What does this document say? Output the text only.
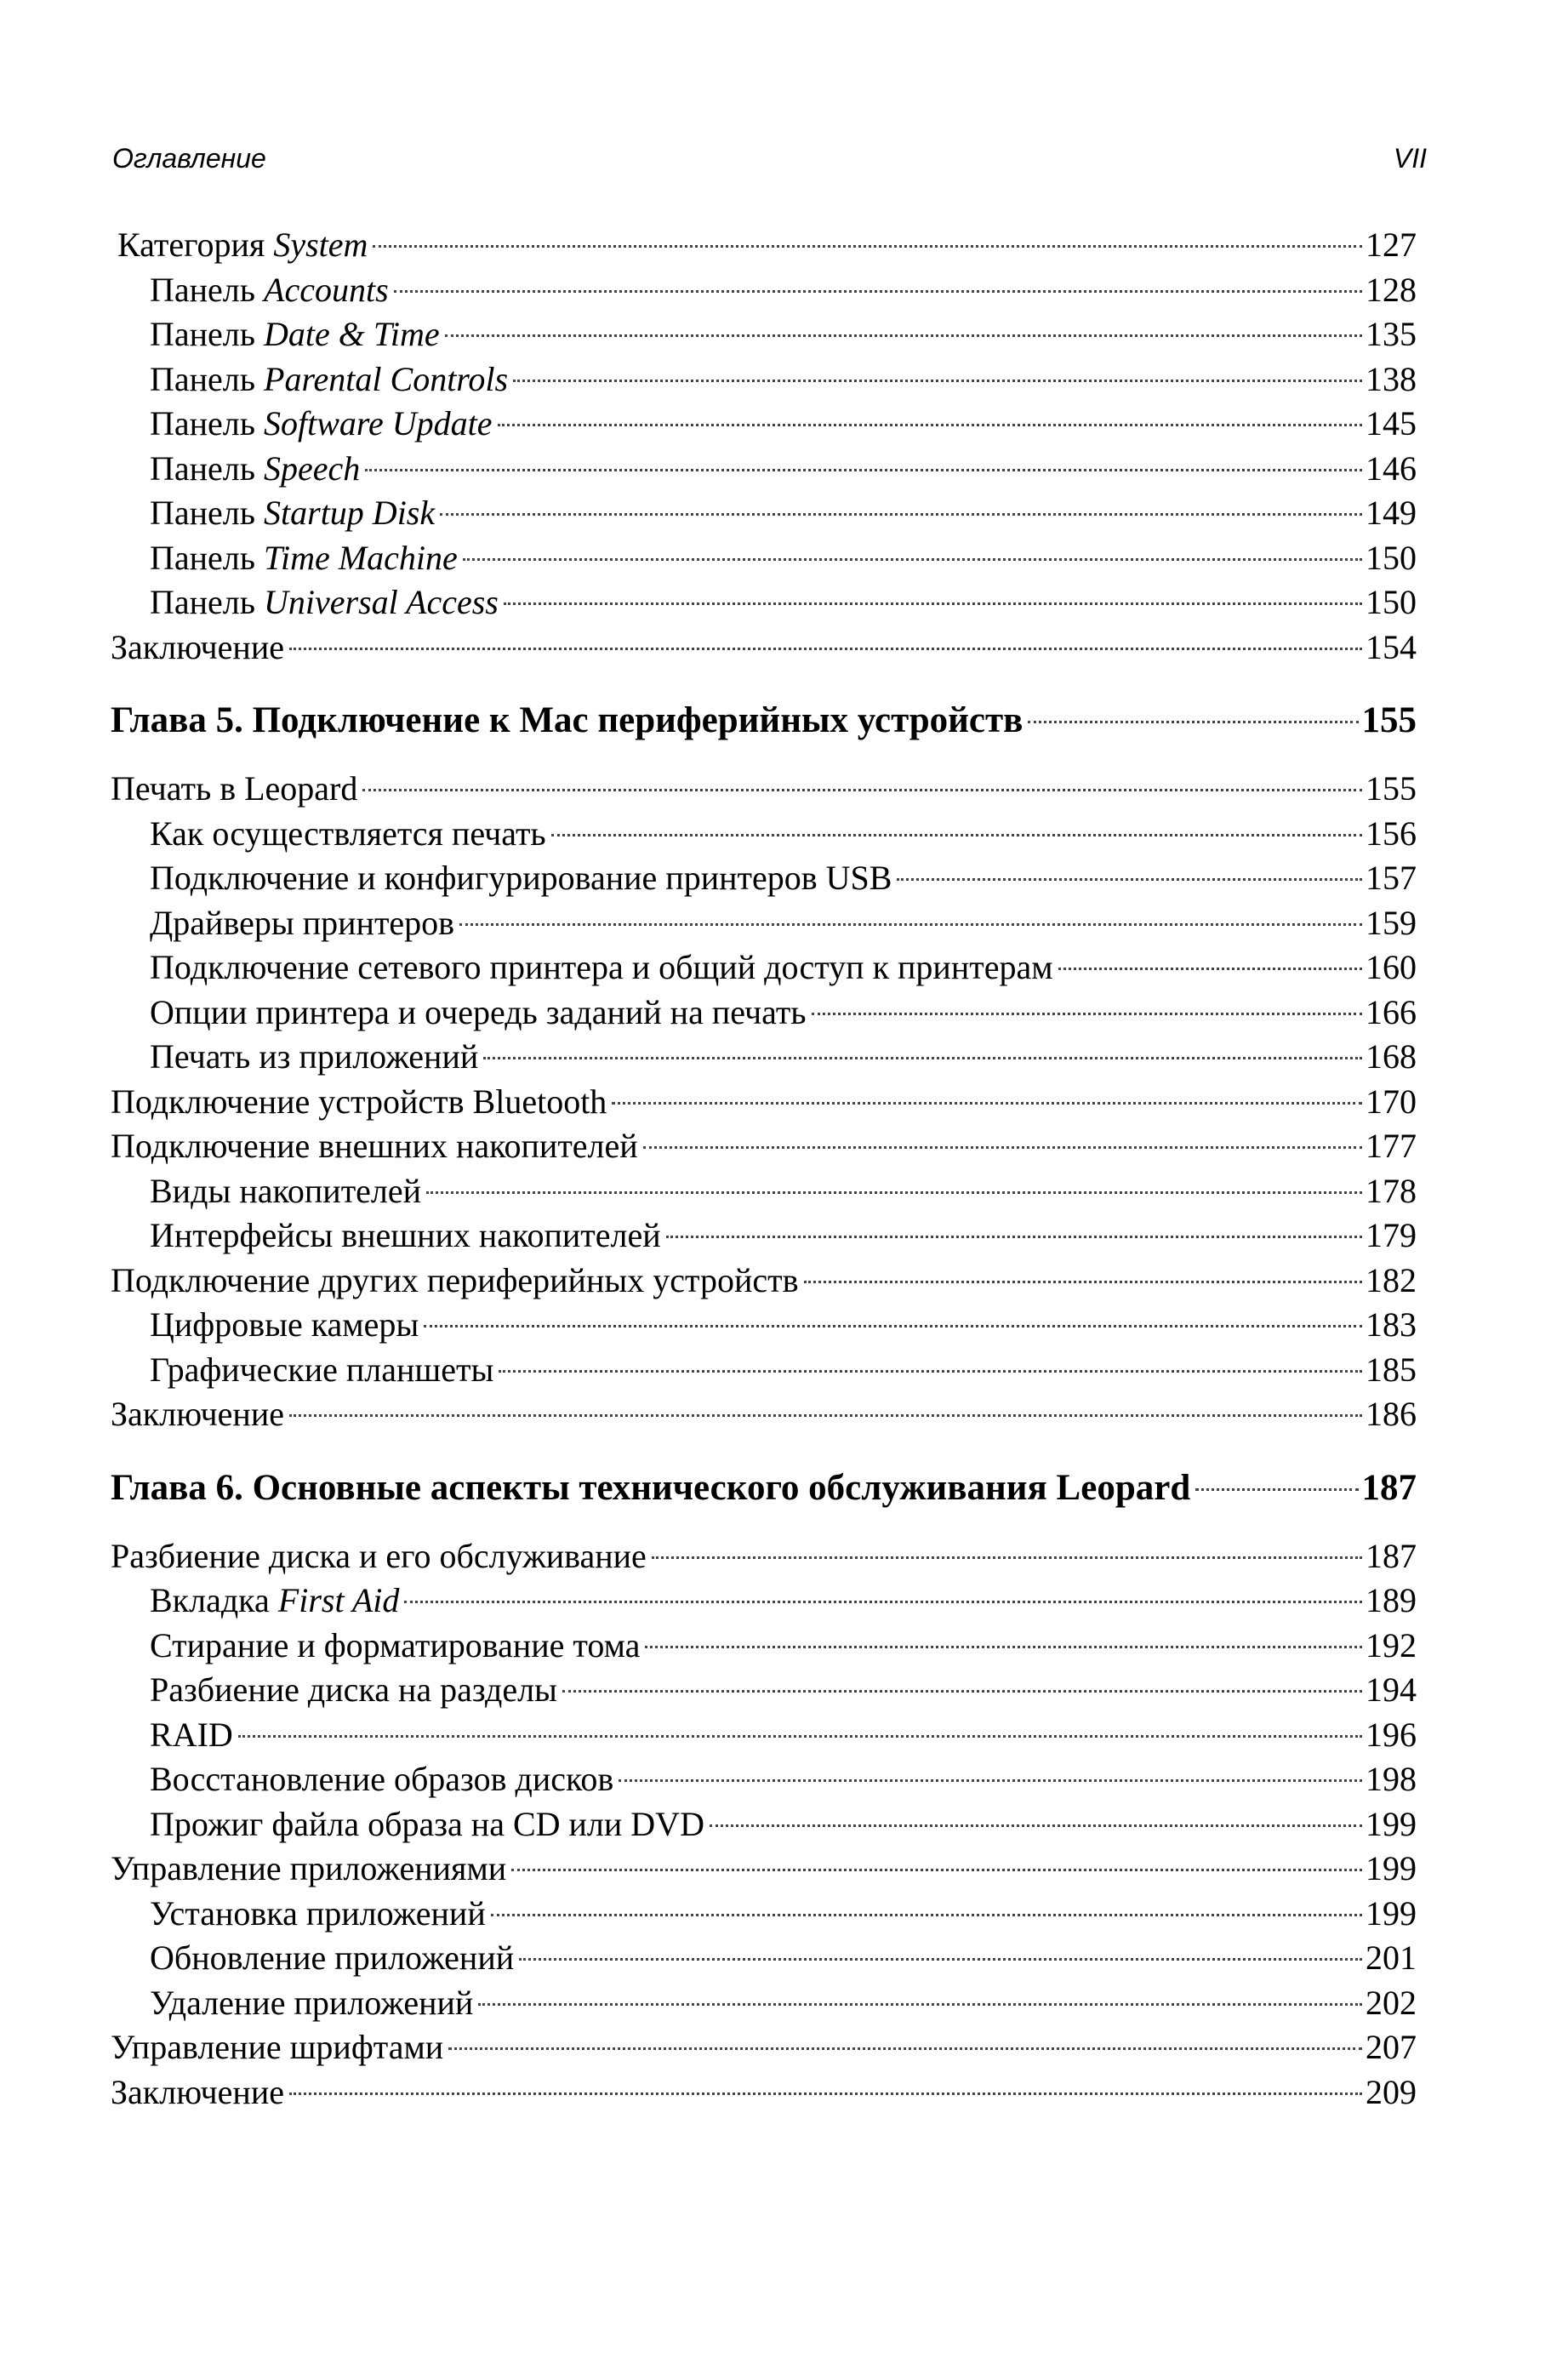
Оглавление	VII
Категория System	127
Панель Accounts	128
Панель Date & Time	135
Панель Parental Controls	138
Панель Software Update	145
Панель Speech	146
Панель Startup Disk	149
Панель Time Machine	150
Панель Universal Access	150
Заключение	154
Глава 5. Подключение к Mac периферийных устройств	155
Печать в Leopard	155
Как осуществляется печать	156
Подключение и конфигурирование принтеров USB	157
Драйверы принтеров	159
Подключение сетевого принтера и общий доступ к принтерам	160
Опции принтера и очередь заданий на печать	166
Печать из приложений	168
Подключение устройств Bluetooth	170
Подключение внешних накопителей	177
Виды накопителей	178
Интерфейсы внешних накопителей	179
Подключение других периферийных устройств	182
Цифровые камеры	183
Графические планшеты	185
Заключение	186
Глава 6. Основные аспекты технического обслуживания Leopard	187
Разбиение диска и его обслуживание	187
Вкладка First Aid	189
Стирание и форматирование тома	192
Разбиение диска на разделы	194
RAID	196
Восстановление образов дисков	198
Прожиг файла образа на CD или DVD	199
Управление приложениями	199
Установка приложений	199
Обновление приложений	201
Удаление приложений	202
Управление шрифтами	207
Заключение	209
